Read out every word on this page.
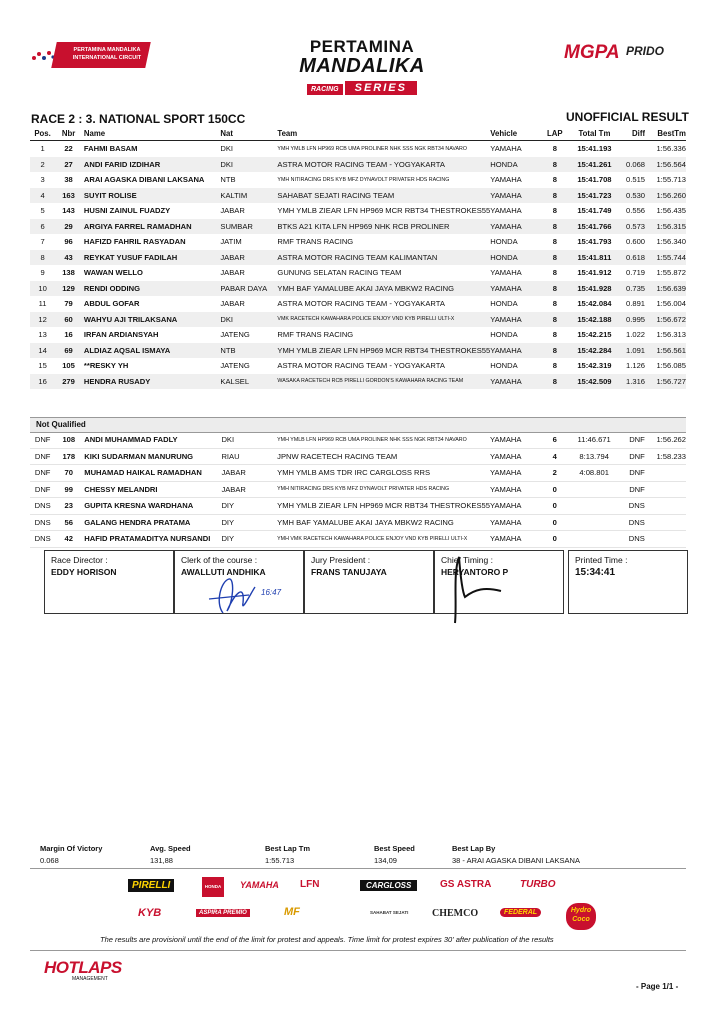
PERTAMINA MANDALIKA INTERNATIONAL CIRCUIT
PERTAMINA
MANDALIKA
RACING SERIES
MGPA PRIDO
RACE 2 : 3. NATIONAL SPORT 150CC	UNOFFICIAL RESULT
Pos.	Nbr	Name	Nat	Team	Vehicle	LAP	Total Tm	Diff	BestTm
1	22	FAHMI BASAM	DKI	YMH YMLB LFN HP969 RCB UMA PROLINER NHK SSS NGK RBT34 NAVARO	YAMAHA	8	15:41.193		1:56.336
2	27	ANDI FARID IZDIHAR	DKI	ASTRA MOTOR RACING TEAM - YOGYAKARTA	HONDA	8	15:41.261	0.068	1:56.564
3	38	ARAI AGASKA DIBANI LAKSANA	NTB	YMH NITIRACING DRS KYB MFZ DYNAVOLT PRIVATER HDS RACING	YAMAHA	8	15:41.708	0.515	1:55.713
4	163	SUYIT ROLISE	KALTIM	SAHABAT SEJATI RACING TEAM	YAMAHA	8	15:41.723	0.530	1:56.260
5	143	HUSNI ZAINUL FUADZY	JABAR	YMH YMLB ZIEAR LFN HP969 MCR RBT34 THESTROKES55	YAMAHA	8	15:41.749	0.556	1:56.435
6	29	ARGIYA FARREL RAMADHAN	SUMBAR	BTKS A21 KITA LFN HP969 NHK RCB PROLINER	YAMAHA	8	15:41.766	0.573	1:56.315
7	96	HAFIZD FAHRIL RASYADAN	JATIM	RMF TRANS RACING	HONDA	8	15:41.793	0.600	1:56.340
8	43	REYKAT YUSUF FADILAH	JABAR	ASTRA MOTOR RACING TEAM KALIMANTAN	HONDA	8	15:41.811	0.618	1:55.744
9	138	WAWAN WELLO	JABAR	GUNUNG SELATAN RACING TEAM	YAMAHA	8	15:41.912	0.719	1:55.872
10	129	RENDI ODDING	PABAR DAYA	YMH BAF YAMALUBE AKAI JAYA MBKW2 RACING	YAMAHA	8	15:41.928	0.735	1:56.639
11	79	ABDUL GOFAR	JABAR	ASTRA MOTOR RACING TEAM - YOGYAKARTA	HONDA	8	15:42.084	0.891	1:56.004
12	60	WAHYU AJI TRILAKSANA	DKI	VMK RACETECH KAWAHARA POLICE ENJOY VND KYB PIRELLI ULTI-X	YAMAHA	8	15:42.188	0.995	1:56.672
13	16	IRFAN ARDIANSYAH	JATENG	RMF TRANS RACING	HONDA	8	15:42.215	1.022	1:56.313
14	69	ALDIAZ AQSAL ISMAYA	NTB	YMH YMLB ZIEAR LFN HP969 MCR RBT34 THESTROKES55	YAMAHA	8	15:42.284	1.091	1:56.561
15	105	**RESKY YH	JATENG	ASTRA MOTOR RACING TEAM - YOGYAKARTA	HONDA	8	15:42.319	1.126	1:56.085
16	279	HENDRA RUSADY	KALSEL	WASAKA RACETECH RCB PIRELLI GORDON'S KAWAHARA RACING TEAM	YAMAHA	8	15:42.509	1.316	1:56.727
Not Qualified
DNF	108	ANDI MUHAMMAD FADLY	DKI	YMH YMLB LFN HP969 RCB UMA PROLINER NHK SSS NGK RBT34 NAVARO	YAMAHA	6	11:46.671	DNF	1:56.262
DNF	178	KIKI SUDARMAN MANURUNG	RIAU	JPNW RACETECH RACING TEAM	YAMAHA	4	8:13.794	DNF	1:58.233
DNF	70	MUHAMAD HAIKAL RAMADHAN	JABAR	YMH YMLB AMS TDR IRC CARGLOSS RRS	YAMAHA	2	4:08.801	DNF	
DNF	99	CHESSY MELANDRI	JABAR	YMH NITIRACING DRS KYB MFZ DYNAVOLT PRIVATER HDS RACING	YAMAHA	0		DNF	
DNS	23	GUPITA KRESNA WARDHANA	DIY	YMH YMLB ZIEAR LFN HP969 MCR RBT34 THESTROKES55	YAMAHA	0		DNS	
DNS	56	GALANG HENDRA PRATAMA	DIY	YMH BAF YAMALUBE AKAI JAYA MBKW2 RACING	YAMAHA	0		DNS	
DNS	42	HAFID PRATAMADITYA NURSANDI	DIY	YMH VMK RACETECH KAWAHARA POLICE ENJOY VND KYB PIRELLI ULTI-X	YAMAHA	0		DNS	
Race Director :
EDDY HORISON
Clerk of the course :
AWALLUTI ANDHIKA
16:47
Jury President :
FRANS TANUJAYA
Chief Timing :
HERYANTORO P
Printed Time :
15:34:41
Margin Of Victory
0.068
Avg. Speed
131,88
Best Lap Tm
1:55.713
Best Speed
134,09
Best Lap By
38 - ARAI AGASKA DIBANI LAKSANA
PIRELLI	HONDA	YAMAHA LFN	CARGLOSS	GS ASTRA	TURBO
KYB	ASPIRA PREMIO	MF	SAHABAT SEJATI CHEMCO	FEDERAL	Hydro Coco
The results are provisionil until the end of the limit for protest and appeals. Time limit for protest expires 30' after publication of the results
HOTLAPS
MANAGEMENT
- Page 1/1 -
